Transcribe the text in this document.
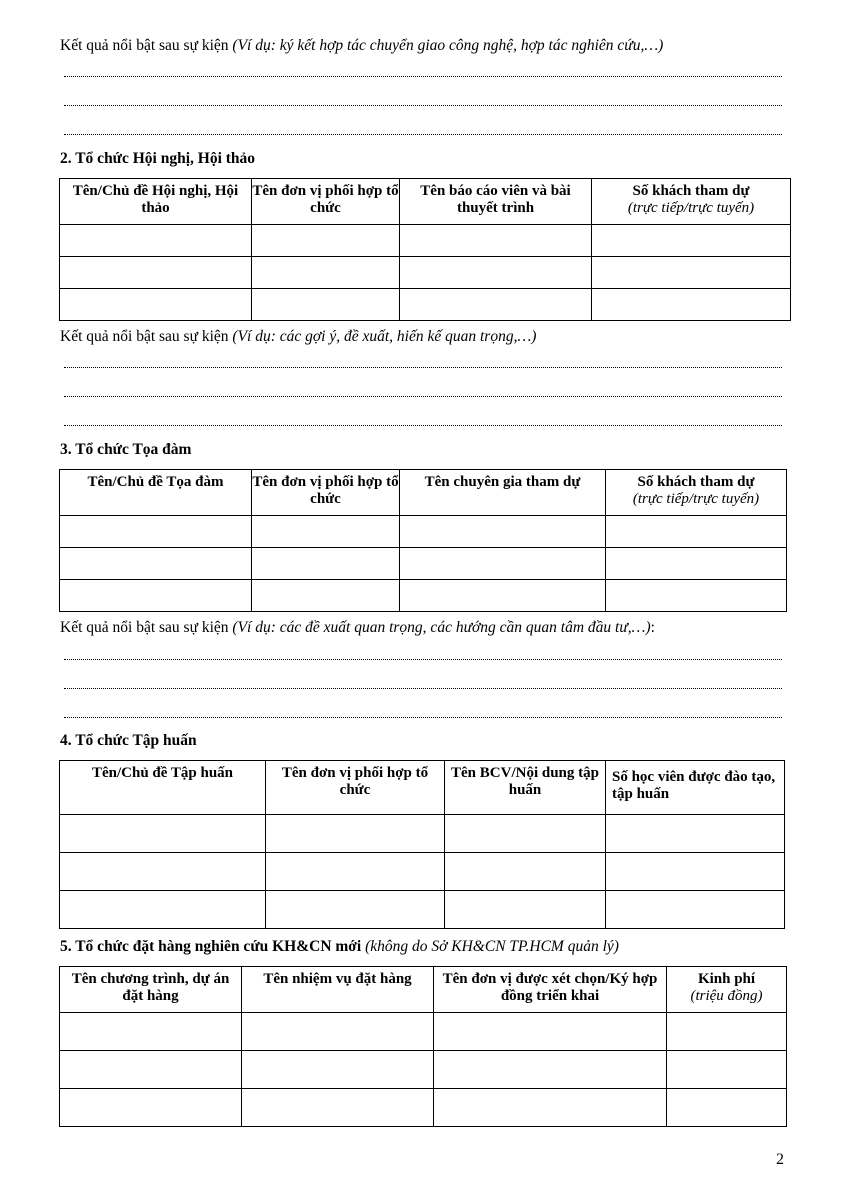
Kết quả nổi bật sau sự kiện (Ví dụ: ký kết hợp tác chuyển giao công nghệ, hợp tác nghiên cứu,…)
2. Tổ chức Hội nghị, Hội thảo
Tên/Chủ đề Hội nghị, Hội thảo	Tên đơn vị phối hợp tổ chức	Tên báo cáo viên và bài thuyết trình	Số khách tham dự
(trực tiếp/trực tuyến)

Kết quả nổi bật sau sự kiện (Ví dụ: các gợi ý, đề xuất, hiến kế quan trọng,…)
3. Tổ chức Tọa đàm
Tên/Chủ đề Tọa đàm	Tên đơn vị phối hợp tổ chức	Tên chuyên gia tham dự	Số khách tham dự
(trực tiếp/trực tuyến)

Kết quả nổi bật sau sự kiện (Ví dụ: các đề xuất quan trọng, các hướng cần quan tâm đầu tư,…):
4. Tổ chức Tập huấn
Tên/Chủ đề Tập huấn	Tên đơn vị phối hợp tổ chức	Tên BCV/Nội dung tập huấn	Số học viên được đào tạo, tập huấn

5. Tổ chức đặt hàng nghiên cứu KH&CN mới (không do Sở KH&CN TP.HCM quản lý)
Tên chương trình, dự án đặt hàng	Tên nhiệm vụ đặt hàng	Tên đơn vị được xét chọn/Ký hợp đồng triển khai	Kinh phí
(triệu đồng)

2
